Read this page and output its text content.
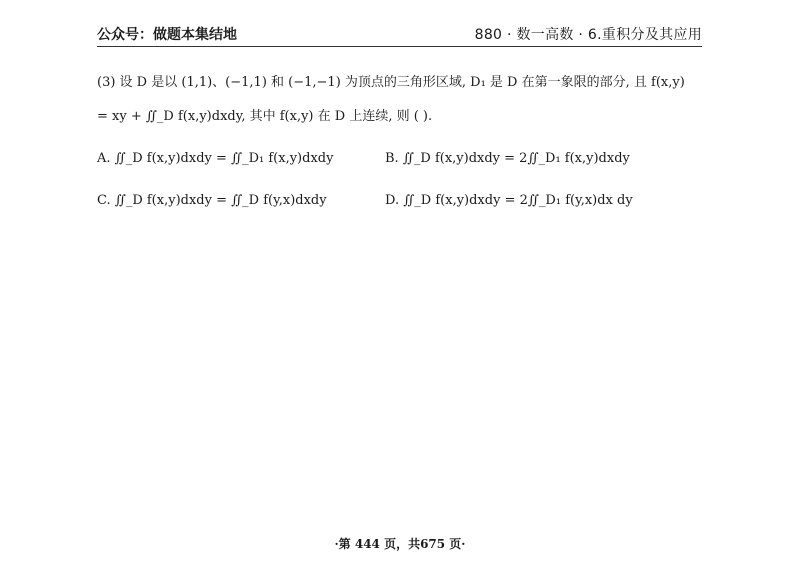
公众号：做题本集结地	880 · 数一高数 · 6.重积分及其应用
(3) 设 D 是以 (1,1)、(−1,1) 和 (−1,−1) 为顶点的三角形区域, D₁ 是 D 在第一象限的部分, 且 f(x,y)
= xy + ∬_D f(x,y)dxdy, 其中 f(x,y) 在 D 上连续, 则 ( ).
A. ∬_D f(x,y)dxdy = ∬_D₁ f(x,y)dxdy	B. ∬_D f(x,y)dxdy = 2∬_D₁ f(x,y)dxdy
C. ∬_D f(x,y)dxdy = ∬_D f(y,x)dxdy	D. ∬_D f(x,y)dxdy = 2∬_D₁ f(y,x)dx dy
·第 444 页，共675 页·
